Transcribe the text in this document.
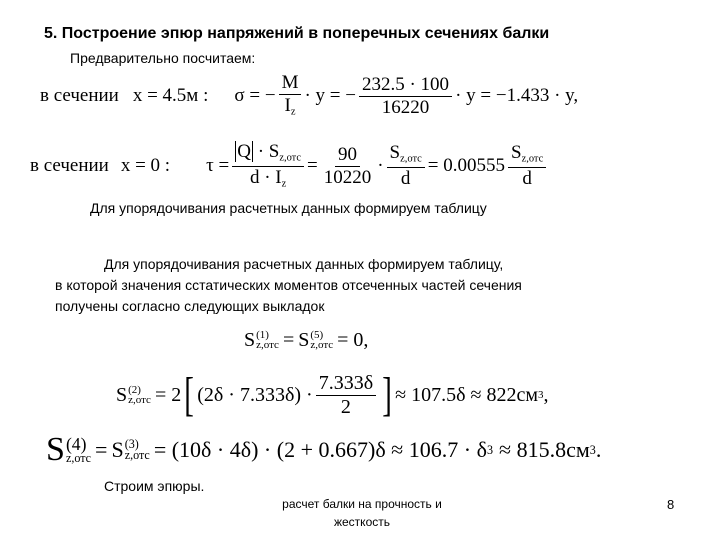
5. Построение эпюр напряжений в поперечных сечениях балки
Предварительно посчитаем:
в сечении x = 4.5м : σ = − $\frac{M}{I_z} \cdot y$ = − $\frac{232.5 \cdot 100}{16220} \cdot y = -1.433 \cdot y$,
в сечении x = 0 : $\tau = \frac{Q \cdot S_{z,отс}}{d \cdot I_z} = \frac{90}{10220} \cdot \frac{S_{z,отс}}{d} = 0.00555 \frac{S_{z,отс}}{d}$
Для упорядочивания расчетных данных формируем таблицу
Для упорядочивания расчетных данных формируем таблицу,
в которой значения сстатических моментов отсеченных частей сечения
получены согласно следующих выкладок
S (1)
z,отс = S (5)
z,отс = 0,
S (2)
z,отс = 2 [ $(2\delta \cdot 7.333\delta) \cdot \frac{7.333\delta}{2}$ ] ≈ 107.5δ ≈ 822см 3 ,
S (4)
z,отс = S (3)
z,отс = (10δ · 4δ) · (2 + 0.667)δ ≈ 106.7 · δ 3 ≈ 815.8см 3 .
Строим эпюры.
расчет балки на прочность и
жесткость
8
